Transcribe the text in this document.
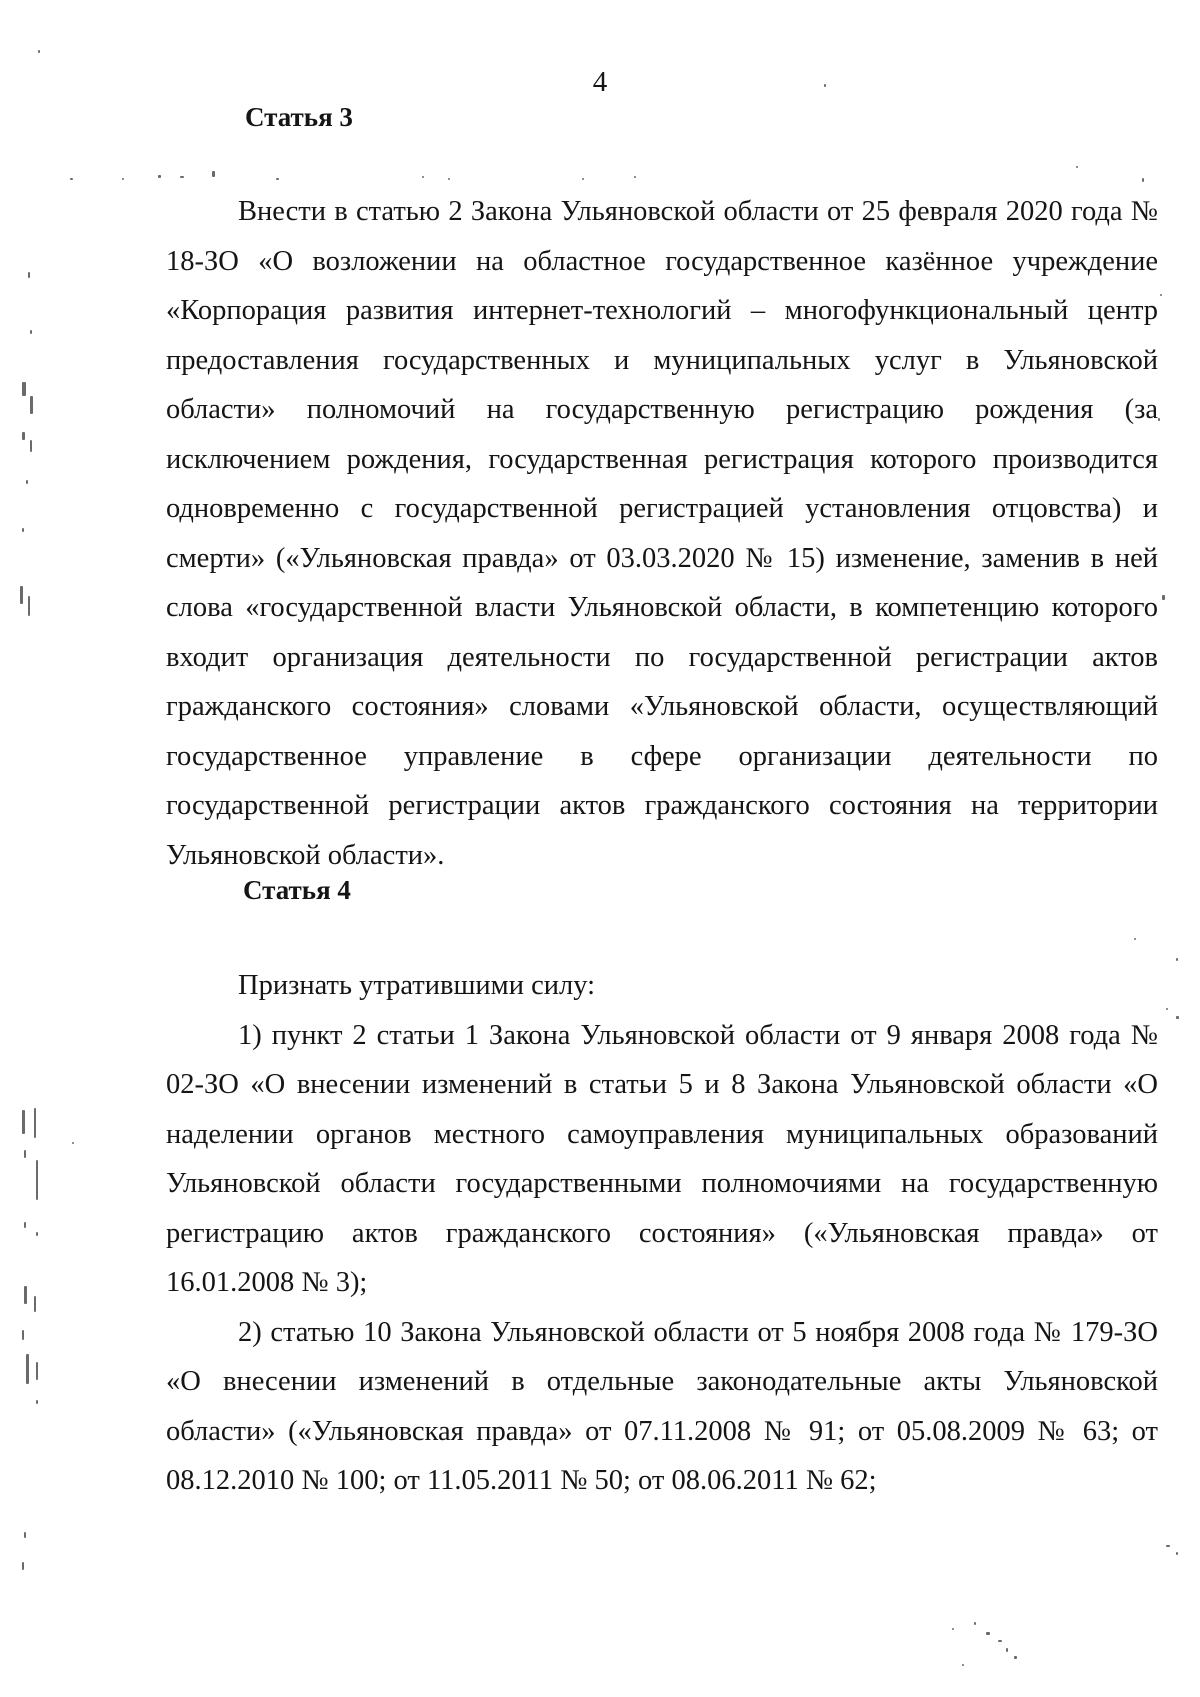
4
Статья 3

Внести в статью 2 Закона Ульяновской области от 25 февраля 2020 года № 18-ЗО «О возложении на областное государственное казённое учреждение «Корпорация развития интернет-технологий – многофункциональный центр предоставления государственных и муниципальных услуг в Ульяновской области» полномочий на государственную регистрацию рождения (за исключением рождения, государственная регистрация которого производится одновременно с государственной регистрацией установления отцовства) и смерти» («Ульяновская правда» от 03.03.2020 № 15) изменение, заменив в ней слова «государственной власти Ульяновской области, в компетенцию которого входит организация деятельности по государственной регистрации актов гражданского состояния» словами «Ульяновской области, осуществляющий государственное управление в сфере организации деятельности по государственной регистрации актов гражданского состояния на территории Ульяновской области».

Статья 4

Признать утратившими силу:

1) пункт 2 статьи 1 Закона Ульяновской области от 9 января 2008 года № 02-ЗО «О внесении изменений в статьи 5 и 8 Закона Ульяновской области «О наделении органов местного самоуправления муниципальных образований Ульяновской области государственными полномочиями на государственную регистрацию актов гражданского состояния» («Ульяновская правда» от 16.01.2008 № 3);

2) статью 10 Закона Ульяновской области от 5 ноября 2008 года № 179-ЗО «О внесении изменений в отдельные законодательные акты Ульяновской области» («Ульяновская правда» от 07.11.2008 № 91; от 05.08.2009 № 63; от 08.12.2010 № 100; от 11.05.2011 № 50; от 08.06.2011 № 62;
